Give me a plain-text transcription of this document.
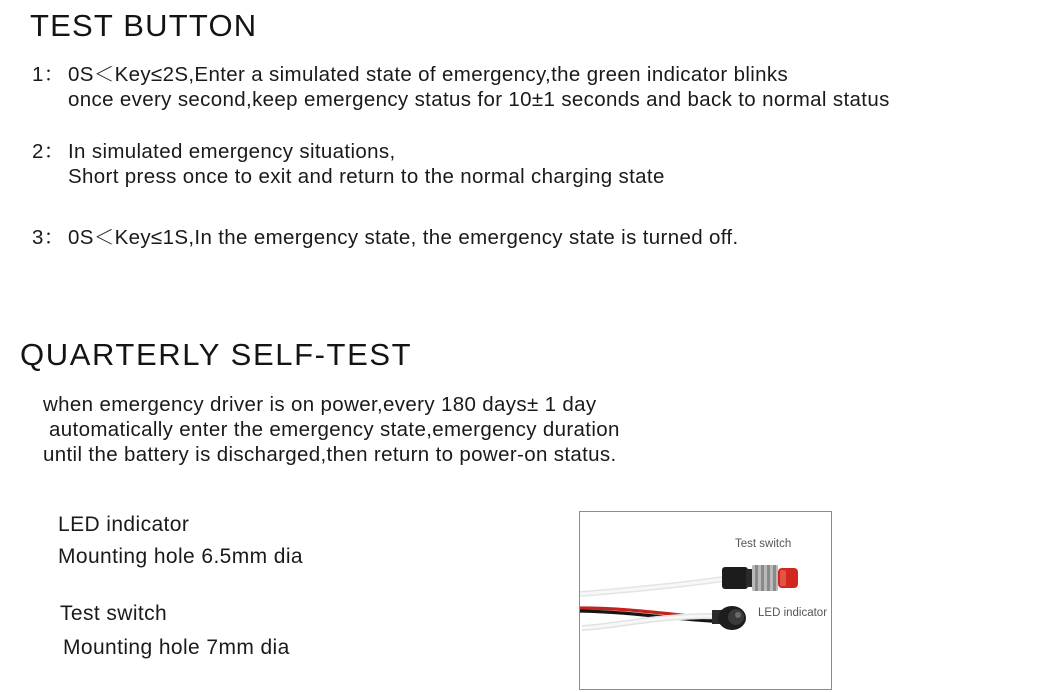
TEST BUTTON
1： 0S＜Key≤2S,Enter a simulated state of emergency,the green indicator blinks

once every second,keep emergency status for 10±1 seconds and back to normal status
2： In simulated emergency situations,

Short press once to exit and return to the normal charging state
3： 0S＜Key≤1S,In the emergency state, the emergency state is turned off.
QUARTERLY SELF-TEST
when emergency driver is on power,every 180 days± 1 day
automatically enter the emergency state,emergency duration
until the battery is discharged,then return to power-on status.
LED indicator
Mounting hole 6.5mm dia
Test switch
Mounting hole 7mm dia
Test switch
LED indicator
